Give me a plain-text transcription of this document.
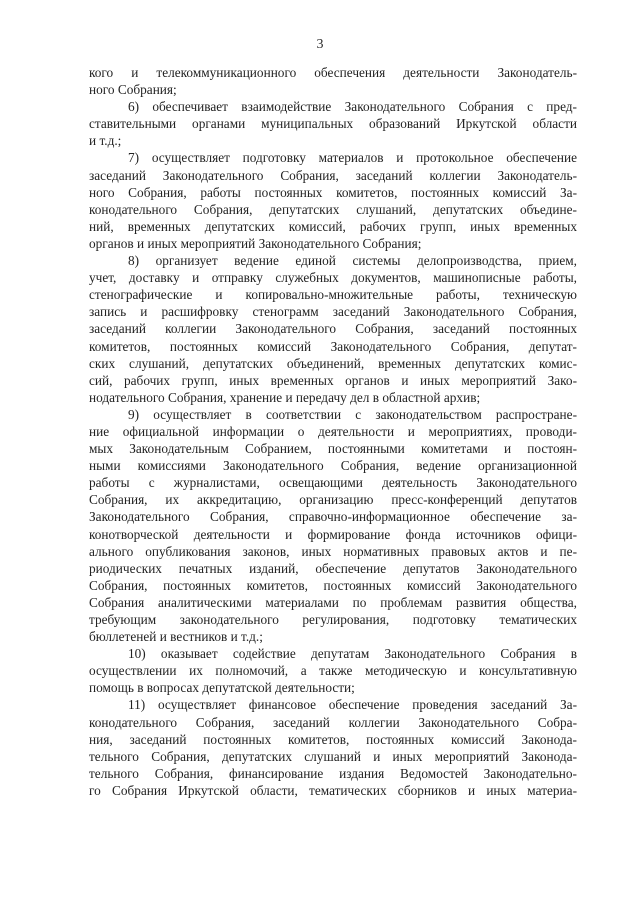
3
кого и телекоммуникационного обеспечения деятельности Законодатель-
ного Собрания;
6) обеспечивает взаимодействие Законодательного Собрания с пред-
ставительными органами муниципальных образований Иркутской области
и т.д.;
7) осуществляет подготовку материалов и протокольное обеспечение
заседаний Законодательного Собрания, заседаний коллегии Законодатель-
ного Собрания, работы постоянных комитетов, постоянных комиссий За-
конодательного Собрания, депутатских слушаний, депутатских объедине-
ний, временных депутатских комиссий, рабочих групп, иных временных
органов и иных мероприятий Законодательного Собрания;
8) организует ведение единой системы делопроизводства, прием,
учет, доставку и отправку служебных документов, машинописные работы,
стенографические и копировально-множительные работы, техническую
запись и расшифровку стенограмм заседаний Законодательного Собрания,
заседаний коллегии Законодательного Собрания, заседаний постоянных
комитетов, постоянных комиссий Законодательного Собрания, депутат-
ских слушаний, депутатских объединений, временных депутатских комис-
сий, рабочих групп, иных временных органов и иных мероприятий Зако-
нодательного Собрания, хранение и передачу дел в областной архив;
9) осуществляет в соответствии с законодательством распростране-
ние официальной информации о деятельности и мероприятиях, проводи-
мых Законодательным Собранием, постоянными комитетами и постоян-
ными комиссиями Законодательного Собрания, ведение организационной
работы с журналистами, освещающими деятельность Законодательного
Собрания, их аккредитацию, организацию пресс-конференций депутатов
Законодательного Собрания, справочно-информационное обеспечение за-
конотворческой деятельности и формирование фонда источников офици-
ального опубликования законов, иных нормативных правовых актов и пе-
риодических печатных изданий, обеспечение депутатов Законодательного
Собрания, постоянных комитетов, постоянных комиссий Законодательного
Собрания аналитическими материалами по проблемам развития общества,
требующим законодательного регулирования, подготовку тематических
бюллетеней и вестников и т.д.;
10) оказывает содействие депутатам Законодательного Собрания в
осуществлении их полномочий, а также методическую и консультативную
помощь в вопросах депутатской деятельности;
11) осуществляет финансовое обеспечение проведения заседаний За-
конодательного Собрания, заседаний коллегии Законодательного Собра-
ния, заседаний постоянных комитетов, постоянных комиссий Законода-
тельного Собрания, депутатских слушаний и иных мероприятий Законода-
тельного Собрания, финансирование издания Ведомостей Законодательно-
го Собрания Иркутской области, тематических сборников и иных материа-
